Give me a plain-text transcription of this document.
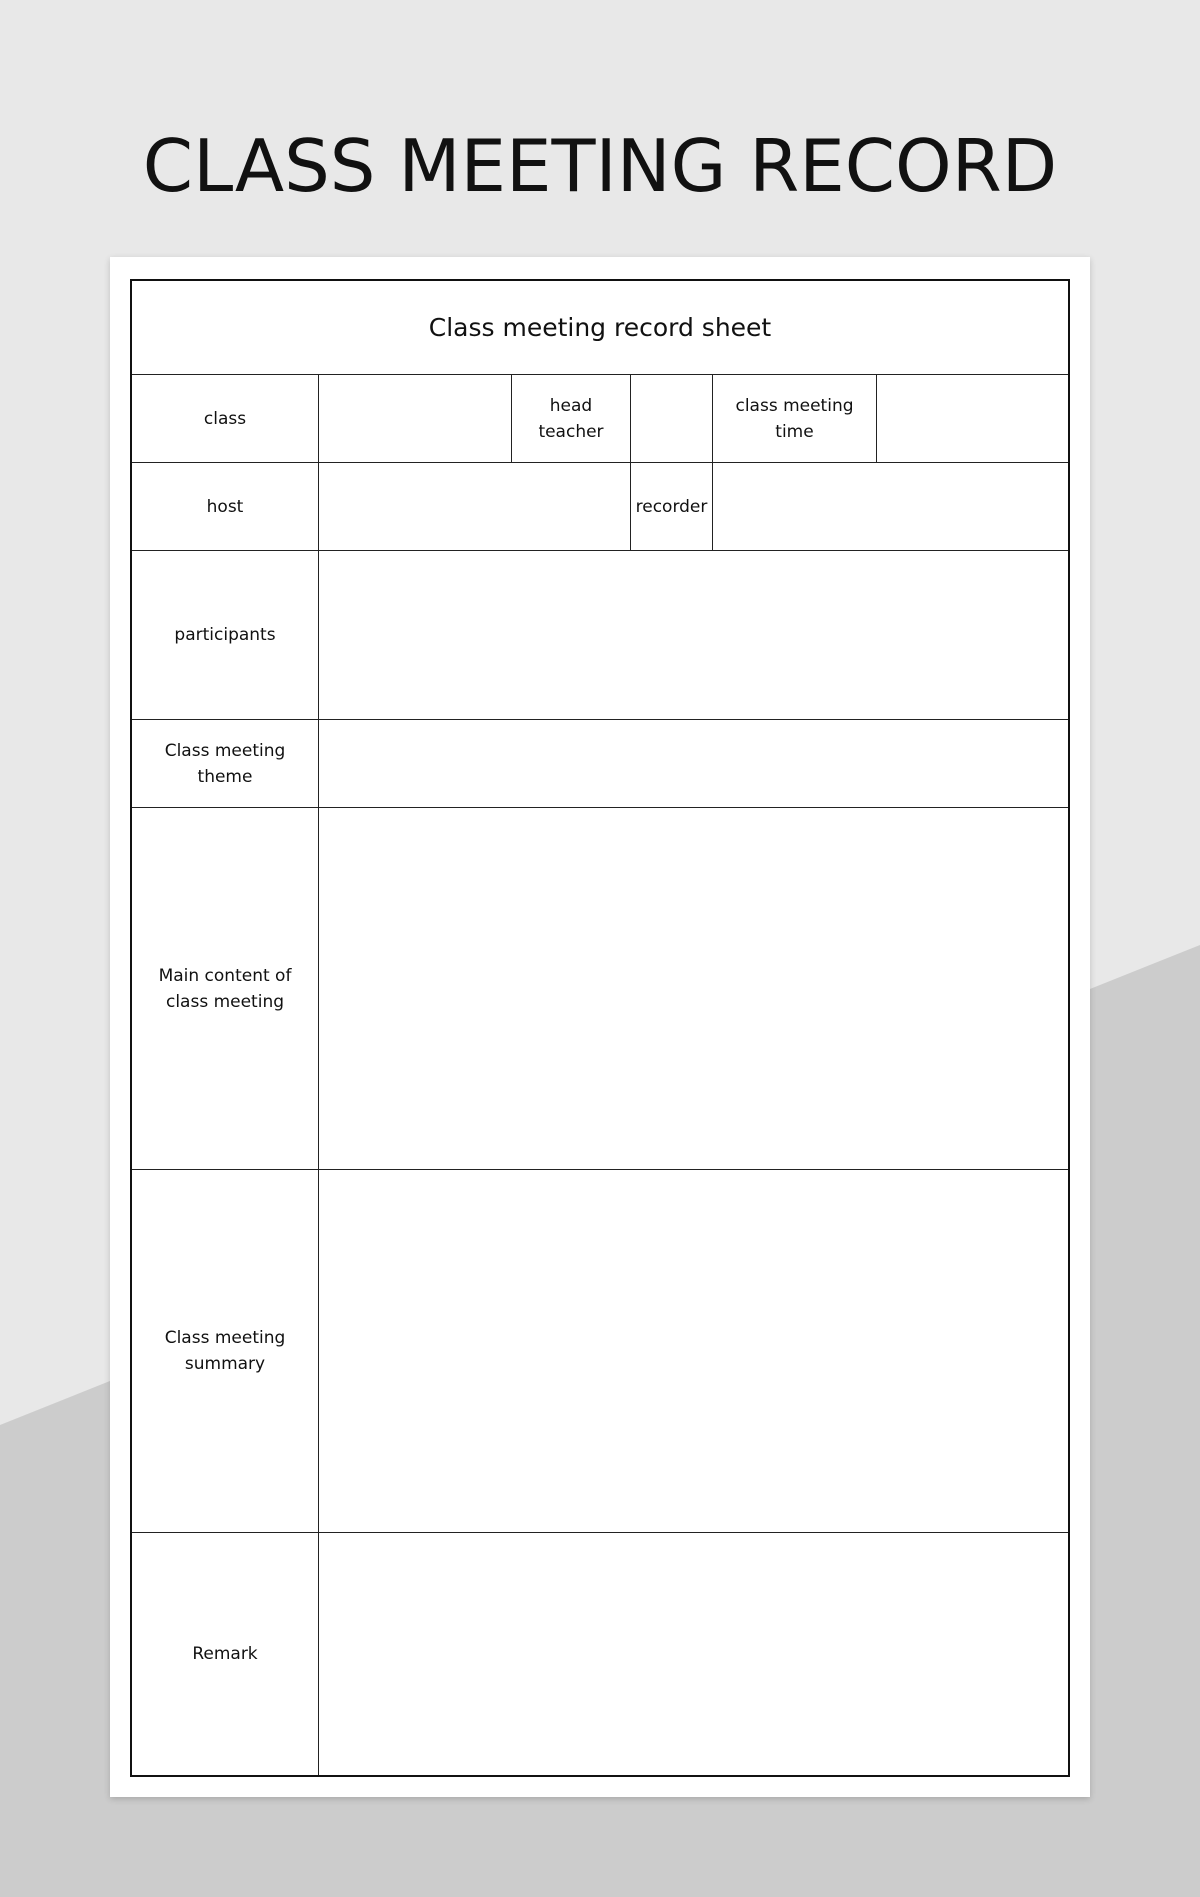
CLASS MEETING RECORD
Class meeting record sheet
class
head teacher
class meeting time
host	recorder
participants
Class meeting theme
Main content of class meeting
Class meeting summary
Remark
